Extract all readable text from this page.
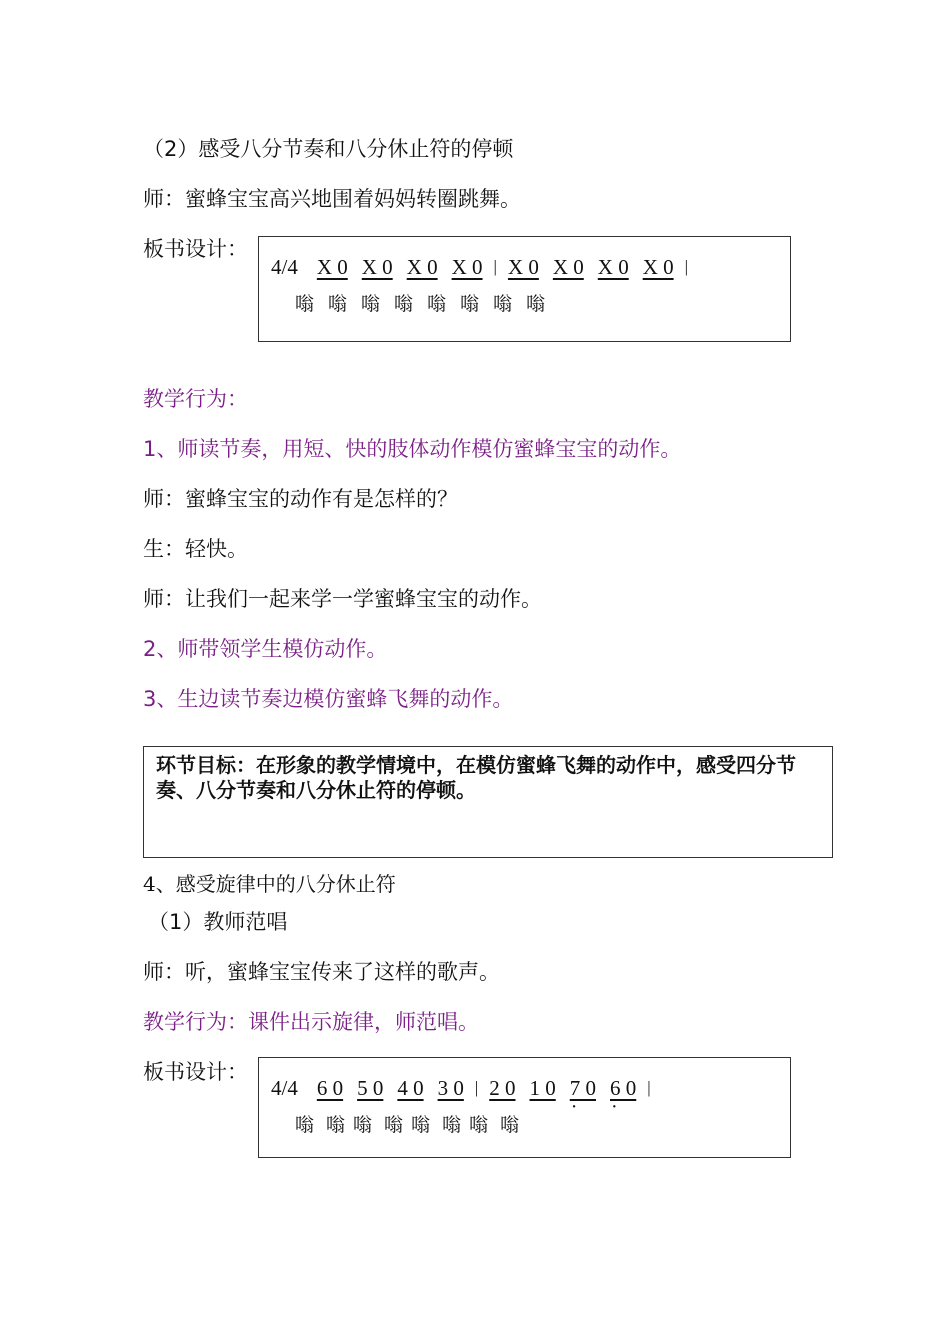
（2）感受八分节奏和八分休止符的停顿
师：蜜蜂宝宝高兴地围着妈妈转圈跳舞。
板书设计：
4/4 X 0 X 0 X 0 X 0 | X 0 X 0 X 0 X 0 |
嗡 嗡 嗡 嗡 嗡 嗡 嗡 嗡
教学行为：
1、师读节奏，用短、快的肢体动作模仿蜜蜂宝宝的动作。
师：蜜蜂宝宝的动作有是怎样的？
生：轻快。
师：让我们一起来学一学蜜蜂宝宝的动作。
2、师带领学生模仿动作。
3、生边读节奏边模仿蜜蜂飞舞的动作。
环节目标：在形象的教学情境中，在模仿蜜蜂飞舞的动作中，感受四分节奏、八分节奏和八分休止符的停顿。
4、感受旋律中的八分休止符
（1）教师范唱
师：听，蜜蜂宝宝传来了这样的歌声。
教学行为：课件出示旋律，师范唱。
板书设计：
4/4 6 0 5 0 4 0 3 0 | 2 0 1 0 7 0 · 6 0 · |
嗡 嗡 嗡 嗡 嗡 嗡 嗡 嗡
